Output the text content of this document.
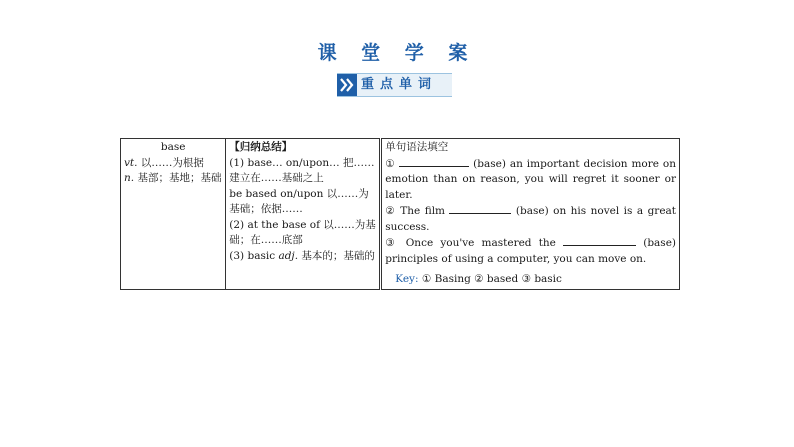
课 堂 学 案
重点单词
base
vt. 以……为根据
n. 基部；基地；基础

【归纳总结】
(1) base… on/upon… 把……建立在……基础之上
be based on/upon 以……为基础；依据……
(2) at the base of 以……为基础；在……底部
(3) basic adj. 基本的；基础的

单句语法填空

①	(base) an important decision more on emotion than on reason, you will regret it sooner or later.

② The film	(base) on his novel is a great success.

③ Once you've mastered the	(base) principles of using a computer, you can move on.

Key: ① Basing ② based ③ basic
